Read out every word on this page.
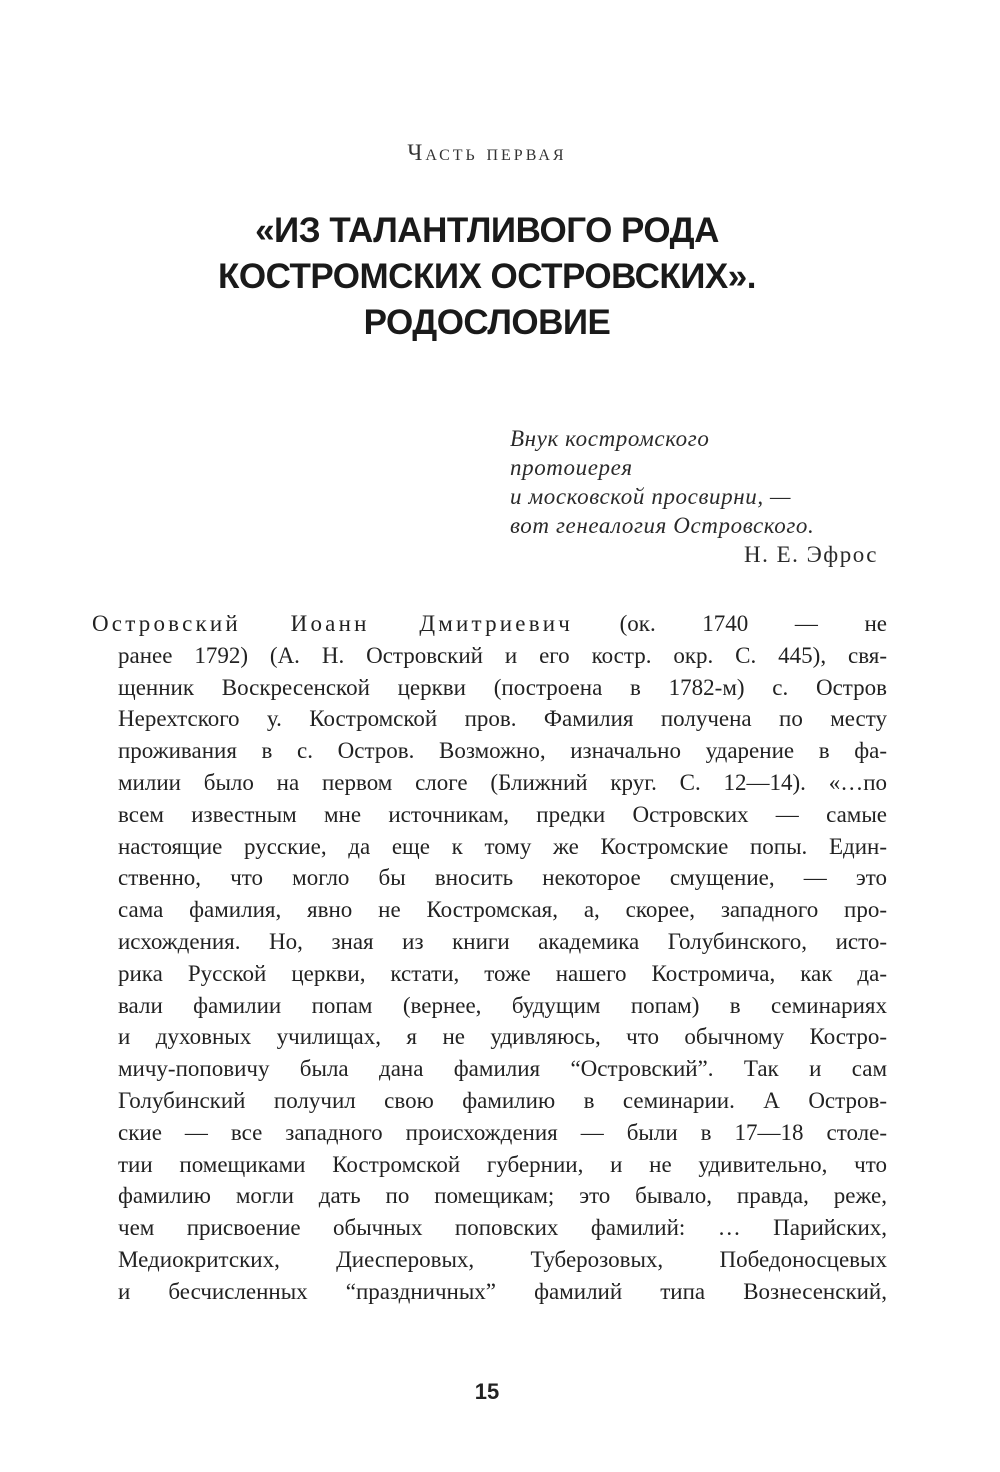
Часть первая
«ИЗ ТАЛАНТЛИВОГО РОДА
КОСТРОМСКИХ ОСТРОВСКИХ».
РОДОСЛОВИЕ
Внук костромского
протоиерея
и московской просвирни, —
вот генеалогия Островского.
Н. Е. Эфрос
Островский Иоанн Дмитриевич (ок. 1740 — не
ранее 1792) (А. Н. Островский и его костр. окр. С. 445), свя-
щенник Воскресенской церкви (построена в 1782-м) с. Остров
Нерехтского у. Костромской пров. Фамилия получена по месту
проживания в с. Остров. Возможно, изначально ударение в фа-
милии было на первом слоге (Ближний круг. С. 12—14). «…по
всем известным мне источникам, предки Островских — самые
настоящие русские, да еще к тому же Костромские попы. Един-
ственно, что могло бы вносить некоторое смущение, — это
сама фамилия, явно не Костромская, а, скорее, западного про-
исхождения. Но, зная из книги академика Голубинского, исто-
рика Русской церкви, кстати, тоже нашего Костромича, как да-
вали фамилии попам (вернее, будущим попам) в семинариях
и духовных училищах, я не удивляюсь, что обычному Костро-
мичу-поповичу была дана фамилия “Островский”. Так и сам
Голубинский получил свою фамилию в семинарии. А Остров-
ские — все западного происхождения — были в 17—18 столе-
тии помещиками Костромской губернии, и не удивительно, что
фамилию могли дать по помещикам; это бывало, правда, реже,
чем присвоение обычных поповских фамилий: … Парийских,
Медиокритских, Диесперовых, Туберозовых, Победоносцевых
и бесчисленных “праздничных” фамилий типа Вознесенский,
15
